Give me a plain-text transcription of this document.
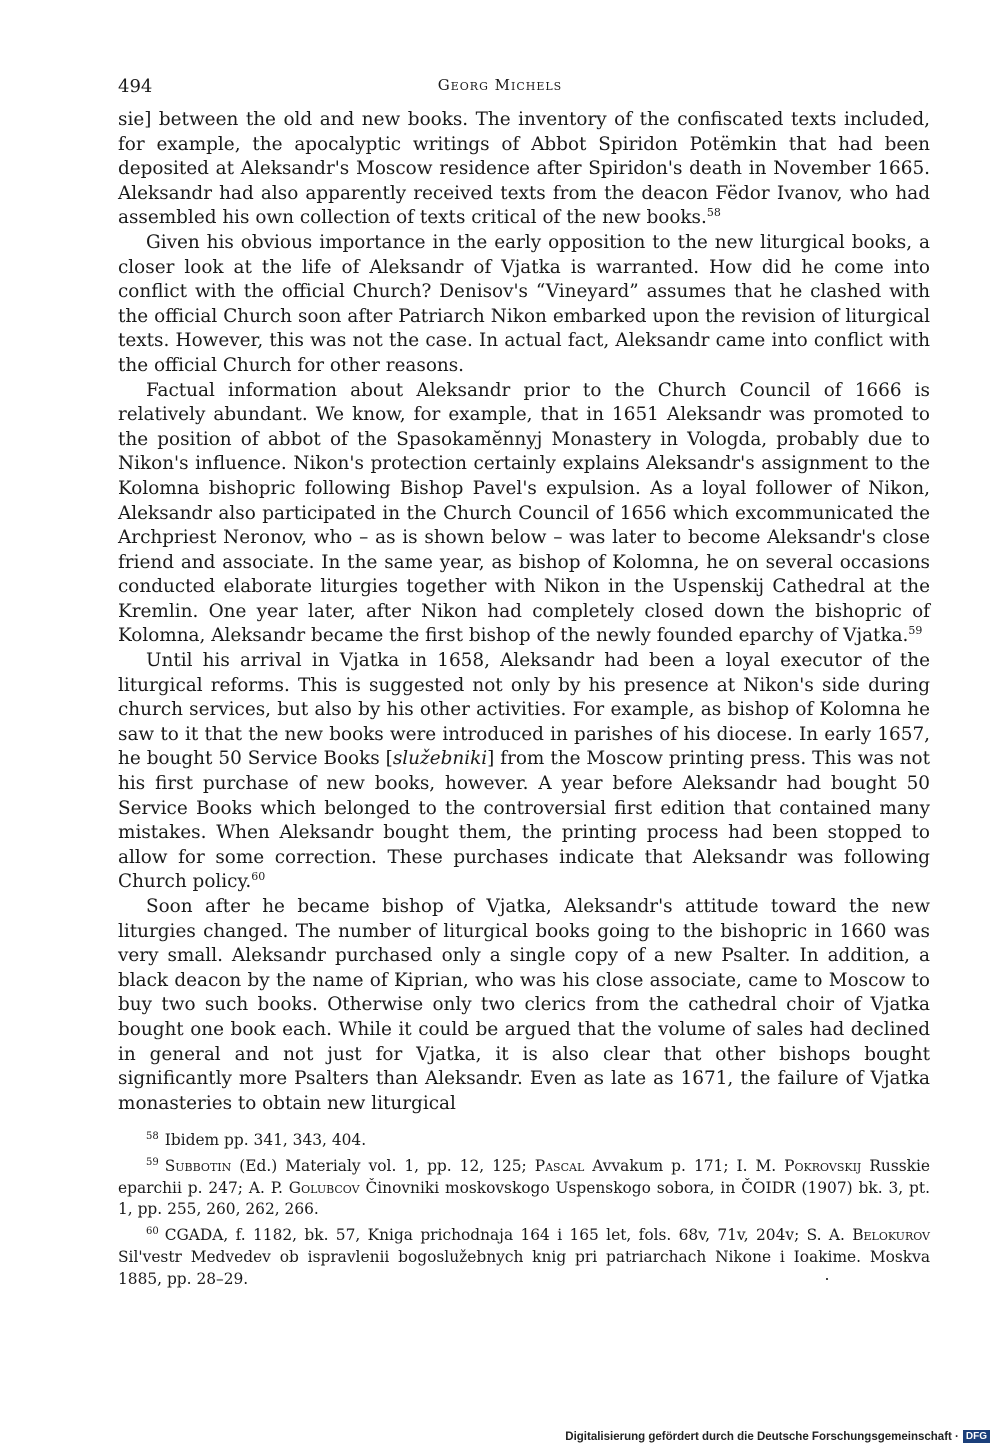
494	Georg Michels

sie] between the old and new books. The inventory of the confiscated texts included, for example, the apocalyptic writings of Abbot Spiridon Potëmkin that had been deposited at Aleksandr's Moscow residence after Spiridon's death in November 1665. Aleksandr had also apparently received texts from the deacon Fëdor Ivanov, who had assembled his own collection of texts critical of the new books.$^{58}$

Given his obvious importance in the early opposition to the new liturgical books, a closer look at the life of Aleksandr of Vjatka is warranted. How did he come into conflict with the official Church? Denisov's “Vineyard” assumes that he clashed with the official Church soon after Patriarch Nikon embarked upon the revision of liturgical texts. However, this was not the case. In actual fact, Aleksandr came into conflict with the official Church for other reasons.

Factual information about Aleksandr prior to the Church Council of 1666 is relatively abundant. We know, for example, that in 1651 Aleksandr was promoted to the position of abbot of the Spasokamĕnnyj Monastery in Vologda, probably due to Nikon's influence. Nikon's protection certainly explains Aleksandr's assignment to the Kolomna bishopric following Bishop Pavel's expulsion. As a loyal follower of Nikon, Aleksandr also participated in the Church Council of 1656 which excommunicated the Archpriest Neronov, who – as is shown below – was later to become Aleksandr's close friend and associate. In the same year, as bishop of Kolomna, he on several occasions conducted elaborate liturgies together with Nikon in the Uspenskij Cathedral at the Kremlin. One year later, after Nikon had completely closed down the bishopric of Kolomna, Aleksandr became the first bishop of the newly founded eparchy of Vjatka.$^{59}$

Until his arrival in Vjatka in 1658, Aleksandr had been a loyal executor of the liturgical reforms. This is suggested not only by his presence at Nikon's side during church services, but also by his other activities. For example, as bishop of Kolomna he saw to it that the new books were introduced in parishes of his diocese. In early 1657, he bought 50 Service Books [služebniki] from the Moscow printing press. This was not his first purchase of new books, however. A year before Aleksandr had bought 50 Service Books which belonged to the controversial first edition that contained many mistakes. When Aleksandr bought them, the printing process had been stopped to allow for some correction. These purchases indicate that Aleksandr was following Church policy.$^{60}$

Soon after he became bishop of Vjatka, Aleksandr's attitude toward the new liturgies changed. The number of liturgical books going to the bishopric in 1660 was very small. Aleksandr purchased only a single copy of a new Psalter. In addition, a black deacon by the name of Kiprian, who was his close associate, came to Moscow to buy two such books. Otherwise only two clerics from the cathedral choir of Vjatka bought one book each. While it could be argued that the volume of sales had declined in general and not just for Vjatka, it is also clear that other bishops bought significantly more Psalters than Aleksandr. Even as late as 1671, the failure of Vjatka monasteries to obtain new liturgical

$^{58}$ Ibidem pp. 341, 343, 404.

$^{59}$ Subbotin (Ed.) Materialy vol. 1, pp. 12, 125; Pascal Avvakum p. 171; I. M. Pokrovskij Russkie eparchii p. 247; A. P. Golubcov Činovniki moskovskogo Uspenskogo sobora, in ČOIDR (1907) bk. 3, pt. 1, pp. 255, 260, 262, 266.

$^{60}$ CGADA, f. 1182, bk. 57, Kniga prichodnaja 164 i 165 let, fols. 68v, 71v, 204v; S. A. Belokurov Sil'vestr Medvedev ob ispravlenii bogoslužebnych knig pri patriarchach Nikone i Ioakime. Moskva 1885, pp. 28–29.

Digitalisierung gefördert durch die Deutsche Forschungsgemeinschaft · DFG
